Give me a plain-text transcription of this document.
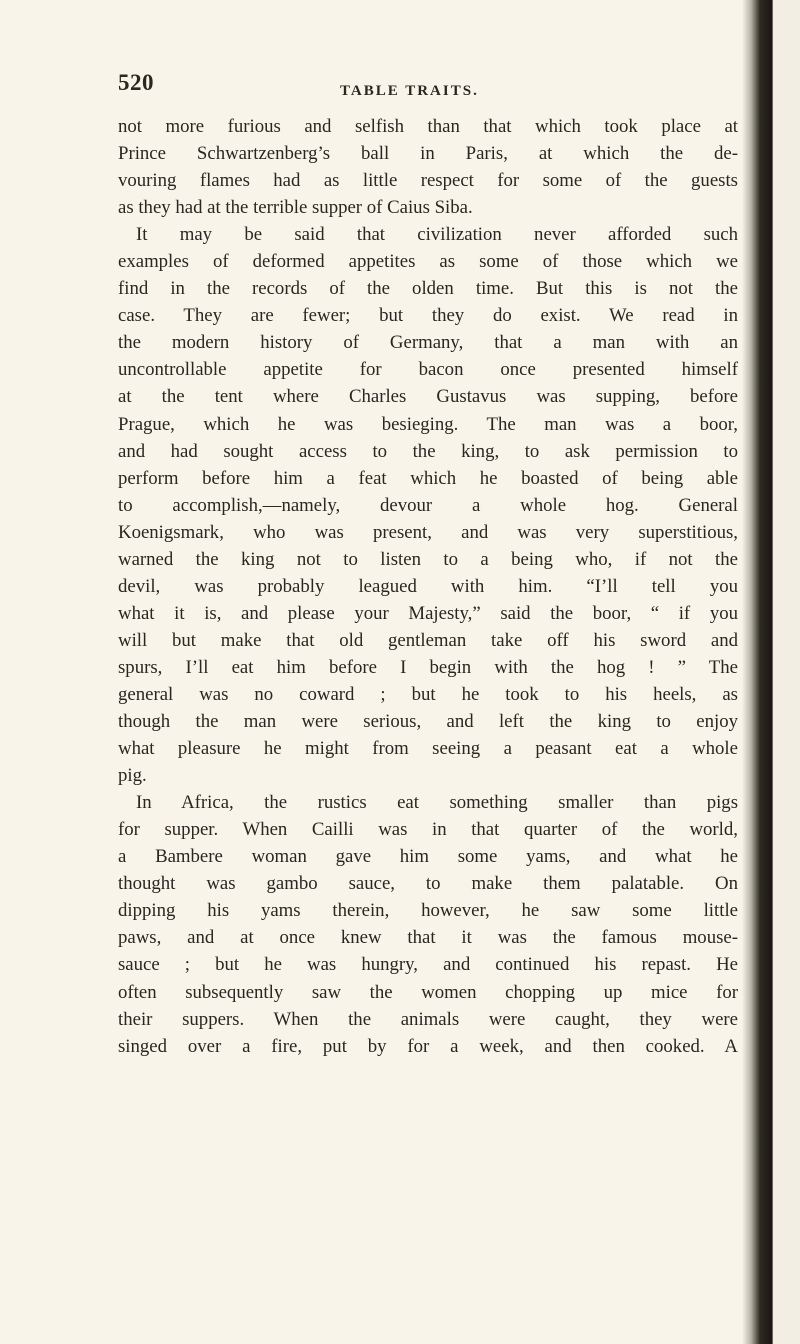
520	TABLE TRAITS.
not more furious and selfish than that which took place at
Prince Schwartzenberg’s ball in Paris, at which the de-
vouring flames had as little respect for some of the guests
as they had at the terrible supper of Caius Siba.
It may be said that civilization never afforded such
examples of deformed appetites as some of those which we
find in the records of the olden time. But this is not the
case. They are fewer; but they do exist. We read in
the modern history of Germany, that a man with an
uncontrollable appetite for bacon once presented himself
at the tent where Charles Gustavus was supping, before
Prague, which he was besieging. The man was a boor,
and had sought access to the king, to ask permission to
perform before him a feat which he boasted of being able
to accomplish,—namely, devour a whole hog. General
Koenigsmark, who was present, and was very superstitious,
warned the king not to listen to a being who, if not the
devil, was probably leagued with him. “I’ll tell you
what it is, and please your Majesty,” said the boor, “ if you
will but make that old gentleman take off his sword and
spurs, I’ll eat him before I begin with the hog ! ” The
general was no coward ; but he took to his heels, as
though the man were serious, and left the king to enjoy
what pleasure he might from seeing a peasant eat a whole
pig.
In Africa, the rustics eat something smaller than pigs
for supper. When Cailli was in that quarter of the world,
a Bambere woman gave him some yams, and what he
thought was gambo sauce, to make them palatable. On
dipping his yams therein, however, he saw some little
paws, and at once knew that it was the famous mouse-
sauce ; but he was hungry, and continued his repast. He
often subsequently saw the women chopping up mice for
their suppers. When the animals were caught, they were
singed over a fire, put by for a week, and then cooked. A
